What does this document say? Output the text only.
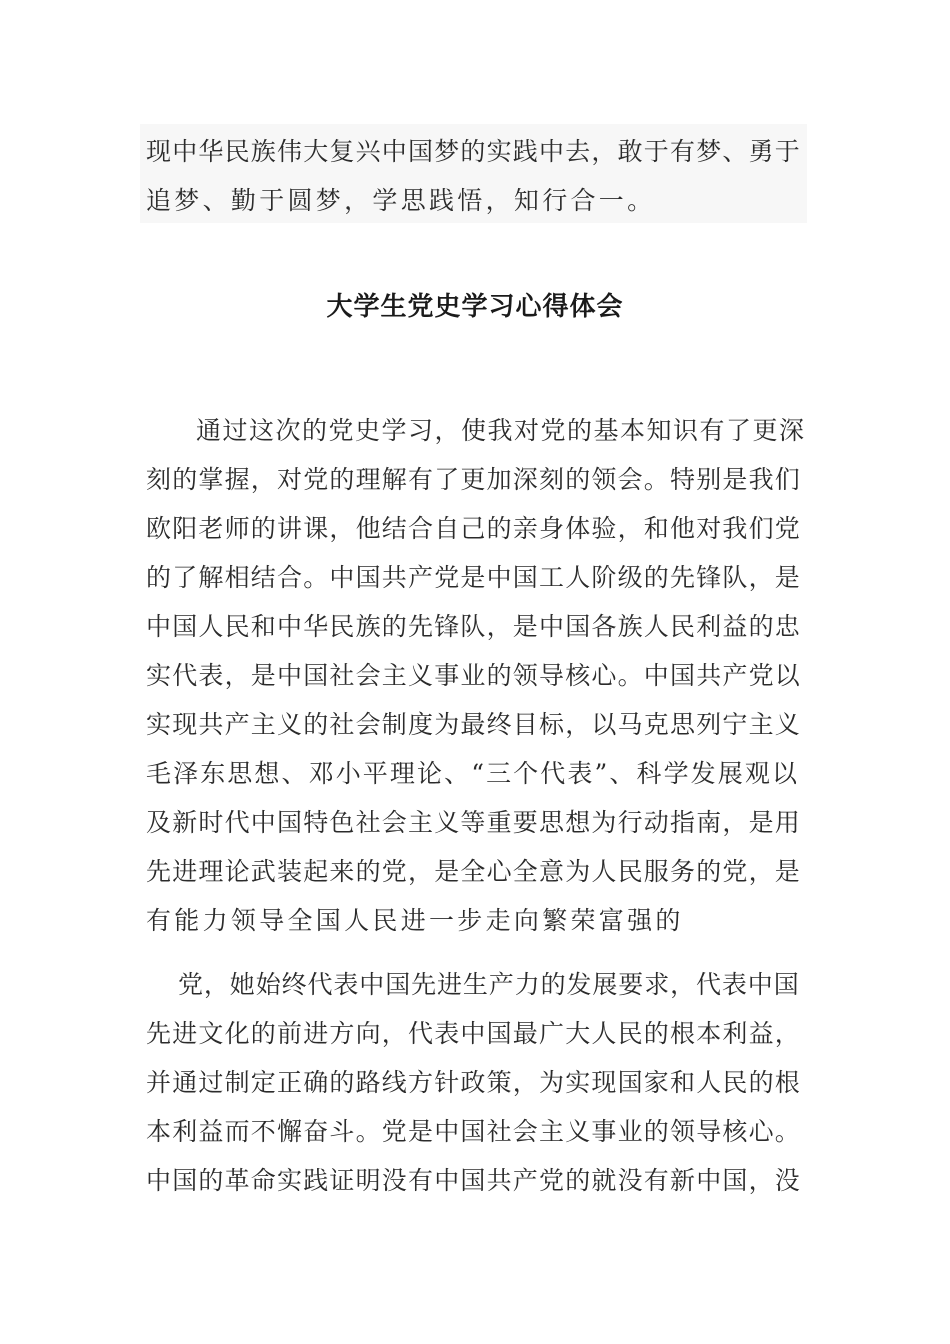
现中华民族伟大复兴中国梦的实践中去，敢于有梦、勇于
追梦、勤于圆梦，学思践悟，知行合一。
大学生党史学习心得体会
通过这次的党史学习，使我对党的基本知识有了更深
刻的掌握，对党的理解有了更加深刻的领会。特别是我们
欧阳老师的讲课，他结合自己的亲身体验，和他对我们党
的了解相结合。中国共产党是中国工人阶级的先锋队，是
中国人民和中华民族的先锋队，是中国各族人民利益的忠
实代表，是中国社会主义事业的领导核心。中国共产党以
实现共产主义的社会制度为最终目标，以马克思列宁主义
毛泽东思想、邓小平理论、“三个代表”、科学发展观以
及新时代中国特色社会主义等重要思想为行动指南，是用
先进理论武装起来的党，是全心全意为人民服务的党，是
有能力领导全国人民进一步走向繁荣富强的
党，她始终代表中国先进生产力的发展要求，代表中国
先进文化的前进方向，代表中国最广大人民的根本利益，
并通过制定正确的路线方针政策，为实现国家和人民的根
本利益而不懈奋斗。党是中国社会主义事业的领导核心。
中国的革命实践证明没有中国共产党的就没有新中国，没
